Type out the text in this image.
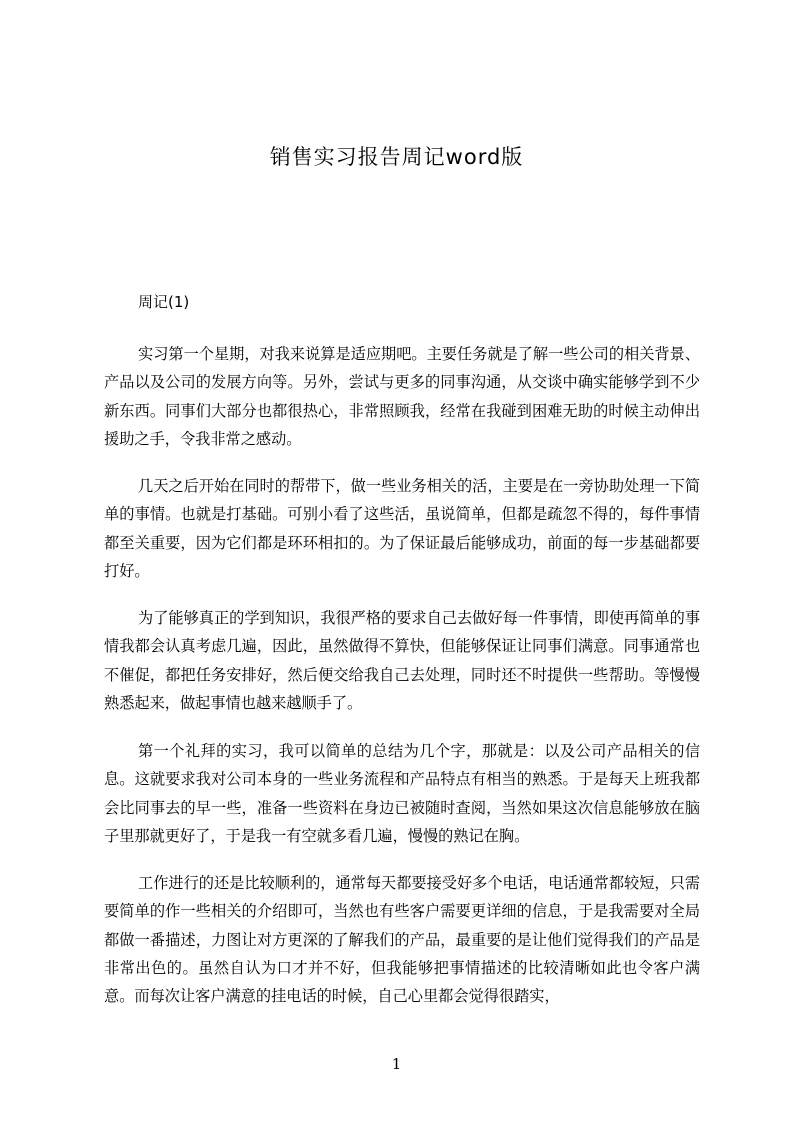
销售实习报告周记word版
周记(1)

实习第一个星期，对我来说算是适应期吧。主要任务就是了解一些公司的相关背景、产品以及公司的发展方向等。另外，尝试与更多的同事沟通，从交谈中确实能够学到不少新东西。同事们大部分也都很热心，非常照顾我，经常在我碰到困难无助的时候主动伸出援助之手，令我非常之感动。

几天之后开始在同时的帮带下，做一些业务相关的活，主要是在一旁协助处理一下简单的事情。也就是打基础。可别小看了这些活，虽说简单，但都是疏忽不得的，每件事情都至关重要，因为它们都是环环相扣的。为了保证最后能够成功，前面的每一步基础都要打好。

为了能够真正的学到知识，我很严格的要求自己去做好每一件事情，即使再简单的事情我都会认真考虑几遍，因此，虽然做得不算快，但能够保证让同事们满意。同事通常也不催促，都把任务安排好，然后便交给我自己去处理，同时还不时提供一些帮助。等慢慢熟悉起来，做起事情也越来越顺手了。

第一个礼拜的实习，我可以简单的总结为几个字，那就是：以及公司产品相关的信息。这就要求我对公司本身的一些业务流程和产品特点有相当的熟悉。于是每天上班我都会比同事去的早一些，准备一些资料在身边已被随时查阅，当然如果这次信息能够放在脑子里那就更好了，于是我一有空就多看几遍，慢慢的熟记在胸。

工作进行的还是比较顺利的，通常每天都要接受好多个电话，电话通常都较短，只需要简单的作一些相关的介绍即可，当然也有些客户需要更详细的信息，于是我需要对全局都做一番描述，力图让对方更深的了解我们的产品，最重要的是让他们觉得我们的产品是非常出色的。虽然自认为口才并不好，但我能够把事情描述的比较清晰如此也令客户满意。而每次让客户满意的挂电话的时候，自己心里都会觉得很踏实，

1
